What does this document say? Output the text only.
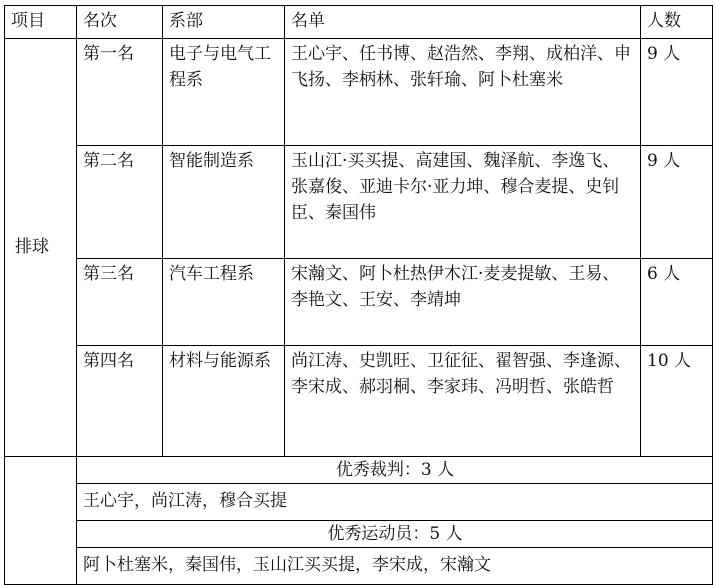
项目	名次	系部	名单	人数
排球	第一名	电子与电气工程系	王心宇、任书博、赵浩然、李翔、成柏洋、申飞扬、李柄林、张轩瑜、阿卜杜塞米	9 人
	第二名	智能制造系	玉山江·买买提、高建国、魏泽航、李逸飞、张嘉俊、亚迪卡尔·亚力坤、穆合麦提、史钊臣、秦国伟	9 人
	第三名	汽车工程系	宋瀚文、阿卜杜热伊木江·麦麦提敏、王易、李艳文、王安、李靖坤	6 人
	第四名	材料与能源系	尚江涛、史凯旺、卫征征、翟智强、李逢源、李宋成、郝羽桐、李家玮、冯明哲、张皓哲	10 人
	优秀裁判：3 人			
	王心宇，尚江涛，穆合买提			
	优秀运动员：5 人			
	阿卜杜塞米，秦国伟，玉山江买买提，李宋成，宋瀚文			
